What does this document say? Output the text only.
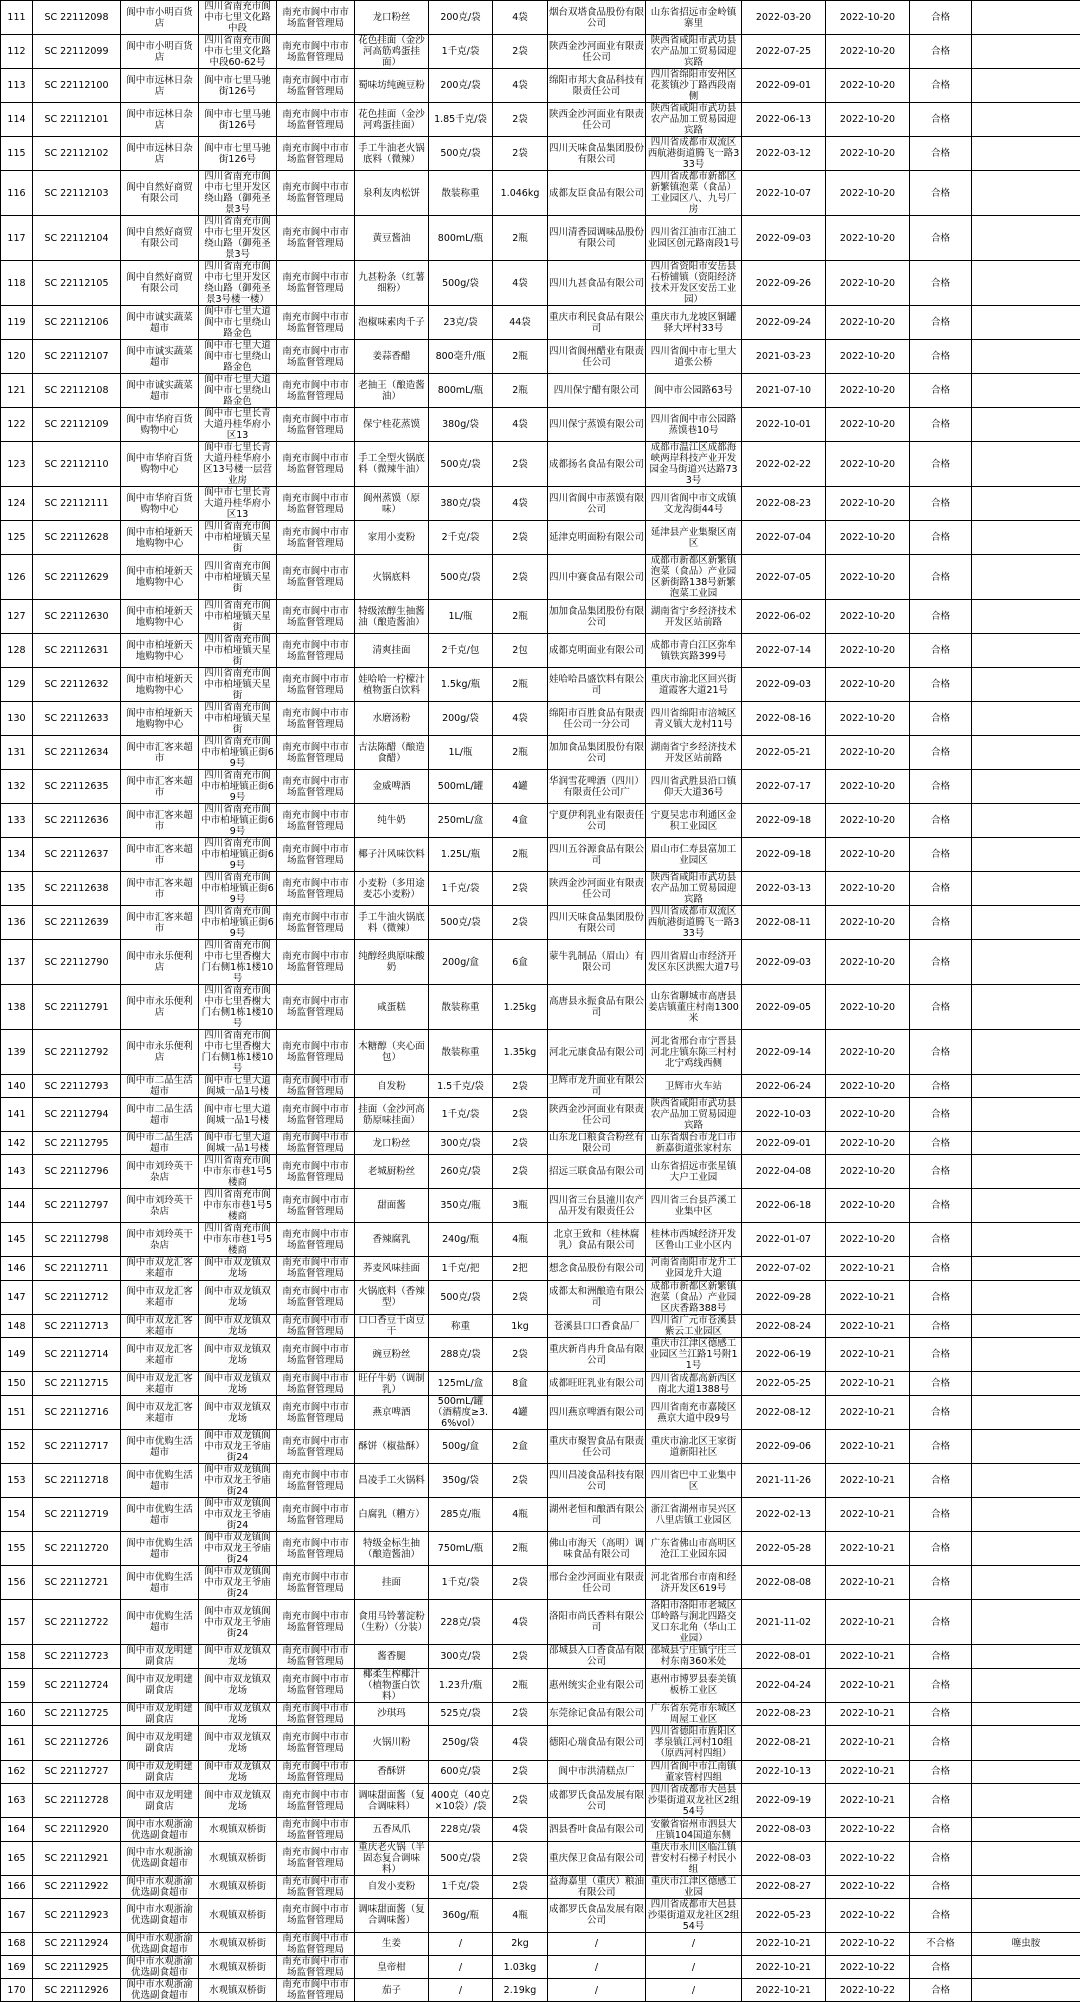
111	SC 22112098	阆中市小明百货店	四川省南充市阆中市七里文化路中段	南充市阆中市市场监督管理局	龙口粉丝	200克/袋	4袋	烟台双塔食品股份有限公司	山东省招远市金岭镇寨里	2022-03-20	2022-10-20	合格	
112	SC 22112099	阆中市小明百货店	四川省南充市阆中市七里文化路中段60-62号	南充市阆中市市场监督管理局	花色挂面（金沙河高筋鸡蛋挂面）	1千克/袋	2袋	陕西金沙河面业有限责任公司	陕西省咸阳市武功县农产品加工贸易园迎宾路	2022-07-25	2022-10-20	合格	
113	SC 22112100	阆中市远林日杂店	阆中市七里马驰街126号	南充市阆中市市场监督管理局	蜀味坊纯豌豆粉	200克/袋	4袋	绵阳市邦大食品科技有限责任公司	四川省绵阳市安州区花荄镇沙丁路西段南侧	2022-09-01	2022-10-20	合格	
114	SC 22112101	阆中市远林日杂店	阆中市七里马驰街126号	南充市阆中市市场监督管理局	花色挂面（金沙河鸡蛋挂面）	1.85千克/袋	2袋	陕西金沙河面业有限责任公司	陕西省咸阳市武功县农产品加工贸易园迎宾路	2022-06-13	2022-10-20	合格	
115	SC 22112102	阆中市远林日杂店	阆中市七里马驰街126号	南充市阆中市市场监督管理局	手工牛油老火锅底料（微辣）	500克/袋	2袋	四川天味食品集团股份有限公司	四川省成都市双流区西航港街道腾飞一路333号	2022-03-12	2022-10-20	合格	
116	SC 22112103	阆中自然好商贸有限公司	四川省南充市阆中市七里开发区绕山路（御苑圣景3号	南充市阆中市市场监督管理局	泉利友肉松饼	散装称重	1.046kg	成都友臣食品有限公司	四川省成都市新都区新繁镇泡菜（食品）工业园区八、九号厂房	2022-10-07	2022-10-20	合格	
117	SC 22112104	阆中自然好商贸有限公司	四川省南充市阆中市七里开发区绕山路（御苑圣景3号	南充市阆中市市场监督管理局	黄豆酱油	800mL/瓶	2瓶	四川清香园调味品股份有限公司	四川省江油市江油工业园区创元路南段1号	2022-09-03	2022-10-20	合格	
118	SC 22112105	阆中自然好商贸有限公司	四川省南充市阆中市七里开发区绕山路（御苑圣景3号楼一楼）	南充市阆中市市场监督管理局	九甚粉条（红薯细粉）	500g/袋	4袋	四川九甚食品有限公司	四川省资阳市安岳县石桥铺镇（资阳经济技术开发区安岳工业园）	2022-09-26	2022-10-20	合格	
119	SC 22112106	阆中市诚实蔬菜超市	阆中市七里大道阆中市七里绕山路金色	南充市阆中市市场监督管理局	泡椒味素肉千子	23克/袋	44袋	重庆市利民食品有限公司	重庆市九龙坡区铜罐驿大坪村33号	2022-09-24	2022-10-20	合格	
120	SC 22112107	阆中市诚实蔬菜超市	阆中市七里大道阆中市七里绕山路金色	南充市阆中市市场监督管理局	姜蒜香醋	800毫升/瓶	2瓶	四川省阆州醋业有限责任公司	四川省阆中市七里大道张公桥	2021-03-23	2022-10-20	合格	
121	SC 22112108	阆中市诚实蔬菜超市	阆中市七里大道阆中市七里绕山路金色	南充市阆中市市场监督管理局	老抽王（酿造酱油）	800mL/瓶	2瓶	四川保宁醋有限公司	阆中市公园路63号	2021-07-10	2022-10-20	合格	
122	SC 22112109	阆中市华府百货购物中心	阆中市七里长青大道丹桂华府小区13	南充市阆中市市场监督管理局	保宁桂花蒸馍	380g/袋	4袋	四川保宁蒸馍有限公司	四川省阆中市公园路蒸馍巷10号	2022-10-01	2022-10-20	合格	
123	SC 22112110	阆中市华府百货购物中心	阆中市七里长青大道丹桂华府小区13号楼一层营业房	南充市阆中市市场监督管理局	手工全型火锅底料（微辣牛油）	500克/袋	2袋	成都扬名食品有限公司	成都市温江区成都海峡两岸科技产业开发园金马街道兴达路733号	2022-02-22	2022-10-20	合格	
124	SC 22112111	阆中市华府百货购物中心	阆中市七里长青大道丹桂华府小区13	南充市阆中市市场监督管理局	阆州蒸馍（原味）	380克/袋	4袋	四川省阆中市蒸馍有限公司	四川省阆中市文成镇文龙沟街44号	2022-08-23	2022-10-20	合格	
125	SC 22112628	阆中市柏垭新天地购物中心	四川省南充市阆中市柏垭镇天星街	南充市阆中市市场监督管理局	家用小麦粉	2千克/袋	2袋	延津克明面粉有限公司	延津县产业集聚区南区	2022-07-04	2022-10-20	合格	
126	SC 22112629	阆中市柏垭新天地购物中心	四川省南充市阆中市柏垭镇天星街	南充市阆中市市场监督管理局	火锅底料	500克/袋	2袋	四川中赛食品有限公司	成都市新都区新繁镇泡菜（食品）产业园区新街路138号新繁泡菜工业园	2022-07-05	2022-10-20	合格	
127	SC 22112630	阆中市柏垭新天地购物中心	四川省南充市阆中市柏垭镇天星街	南充市阆中市市场监督管理局	特级浓醇生抽酱油（酿造酱油）	1L/瓶	2瓶	加加食品集团股份有限公司	湖南省宁乡经济技术开发区站前路	2022-06-02	2022-10-20	合格	
128	SC 22112631	阆中市柏垭新天地购物中心	四川省南充市阆中市柏垭镇天星街	南充市阆中市市场监督管理局	清爽挂面	2千克/包	2包	成都克明面业有限公司	成都市青白江区弥牟镇铁宾路399号	2022-07-14	2022-10-20	合格	
129	SC 22112632	阆中市柏垭新天地购物中心	四川省南充市阆中市柏垭镇天星街	南充市阆中市市场监督管理局	娃哈哈一柠檬汁植物蛋白饮料	1.5kg/瓶	2瓶	娃哈哈昌盛饮料有限公司	重庆市渝北区回兴街道霞客大道21号	2022-09-03	2022-10-20	合格	
130	SC 22112633	阆中市柏垭新天地购物中心	四川省南充市阆中市柏垭镇天星街	南充市阆中市市场监督管理局	水磨汤粉	200g/袋	4袋	绵阳市百胜食品有限责任公司一分公司	四川省绵阳市涪城区青义镇大龙村11号	2022-08-16	2022-10-20	合格	
131	SC 22112634	阆中市汇客来超市	四川省南充市阆中市柏垭镇正街69号	南充市阆中市市场监督管理局	古法陈醋（酿造食醋）	1L/瓶	2瓶	加加食品集团股份有限公司	湖南省宁乡经济技术开发区站前路	2022-05-21	2022-10-20	合格	
132	SC 22112635	阆中市汇客来超市	四川省南充市阆中市柏垭镇正街69号	南充市阆中市市场监督管理局	金威啤酒	500mL/罐	4罐	华润雪花啤酒（四川）有限责任公司广	四川省武胜县沿口镇仰天大道36号	2022-07-17	2022-10-20	合格	
133	SC 22112636	阆中市汇客来超市	四川省南充市阆中市柏垭镇正街69号	南充市阆中市市场监督管理局	纯牛奶	250mL/盒	4盒	宁夏伊利乳业有限责任公司	宁夏吴忠市利通区金积工业园区	2022-09-18	2022-10-20	合格	
134	SC 22112637	阆中市汇客来超市	四川省南充市阆中市柏垭镇正街69号	南充市阆中市市场监督管理局	椰子汁风味饮料	1.25L/瓶	2瓶	四川五谷源食品有限公司	眉山市仁寿县富加工业园区	2022-09-18	2022-10-20	合格	
135	SC 22112638	阆中市汇客来超市	四川省南充市阆中市柏垭镇正街69号	南充市阆中市市场监督管理局	小麦粉（多用途麦芯小麦粉）	1千克/袋	2袋	陕西金沙河面业有限责任公司	陕西省咸阳市武功县农产品加工贸易园迎宾路	2022-03-13	2022-10-20	合格	
136	SC 22112639	阆中市汇客来超市	四川省南充市阆中市柏垭镇正街69号	南充市阆中市市场监督管理局	手工牛油火锅底料（微辣）	500克/袋	2袋	四川天味食品集团股份有限公司	四川省成都市双流区西航港街道腾飞一路333号	2022-08-11	2022-10-20	合格	
137	SC 22112790	阆中市永乐便利店	四川省南充市阆中市七里香榭大门右侧1栋1楼10号	南充市阆中市市场监督管理局	纯醇经典原味酸奶	200g/盒	6盒	蒙牛乳制品（眉山）有限公司	四川省眉山市经济开发区东区洪熙大道7号	2022-09-03	2022-10-20	合格	
138	SC 22112791	阆中市永乐便利店	四川省南充市阆中市七里香榭大门右侧1栋1楼10号	南充市阆中市市场监督管理局	咸蛋糕	散装称重	1.25kg	高唐县永振食品有限公司	山东省聊城市高唐县姜店镇董庄村南1300米	2022-09-05	2022-10-20	合格	
139	SC 22112792	阆中市永乐便利店	四川省南充市阆中市七里香榭大门右侧1栋1楼10号	南充市阆中市市场监督管理局	木糖醇（夹心面包）	散装称重	1.35kg	河北元康食品有限公司	河北省邢台市宁晋县河北庄镇东陈三村村北宁鸡线西侧	2022-09-14	2022-10-20	合格	
140	SC 22112793	阆中市二品生活超市	阆中市七里大道阆城一品1号楼	南充市阆中市市场监督管理局	自发粉	1.5千克/袋	2袋	卫辉市龙升面业有限公司	卫辉市火车站	2022-06-24	2022-10-20	合格	
141	SC 22112794	阆中市二品生活超市	阆中市七里大道阆城一品1号楼	南充市阆中市市场监督管理局	挂面（金沙河高筋原味挂面）	1千克/袋	2袋	陕西金沙河面业有限责任公司	陕西省咸阳市武功县农产品加工贸易园迎宾路	2022-10-03	2022-10-20	合格	
142	SC 22112795	阆中市二品生活超市	阆中市七里大道阆城一品1号楼	南充市阆中市市场监督管理局	龙口粉丝	300克/袋	2袋	山东龙口粮食合粉丝有限公司	山东省烟台市龙口市新嘉街道张家村东	2022-09-01	2022-10-20	合格	
143	SC 22112796	阆中市刘玲英干杂店	四川省南充市阆中市东市巷1号5楼商	南充市阆中市市场监督管理局	老城厨粉丝	260克/袋	2袋	招远三联食品有限公司	山东省招远市张星镇大户工业园	2022-04-08	2022-10-20	合格	
144	SC 22112797	阆中市刘玲英干杂店	四川省南充市阆中市东市巷1号5楼商	南充市阆中市市场监督管理局	甜面酱	350克/瓶	3瓶	四川省三台县潼川农产品开发有限责任公	四川省三台县芦溪工业集中区	2022-06-18	2022-10-20	合格	
145	SC 22112798	阆中市刘玲英干杂店	四川省南充市阆中市东市巷1号5楼商	南充市阆中市市场监督管理局	香辣腐乳	240g/瓶	4瓶	北京王致和（桂林腐乳）食品有限公司	桂林市西城经济开发区鲁山工业小区内	2022-01-07	2022-10-20	合格	
146	SC 22112711	阆中市双龙汇客来超市	阆中市双龙镇双龙场	南充市阆中市市场监督管理局	荞麦风味挂面	1千克/把	2把	想念食品股份有限公司	河南省南阳市龙升工业园龙升大道	2022-07-02	2022-10-21	合格	
147	SC 22112712	阆中市双龙汇客来超市	阆中市双龙镇双龙场	南充市阆中市市场监督管理局	火锅底料（香辣型）	500克/袋	2袋	成都太和洲酿造有限公司	成都市新都区新繁镇泡菜（食品）产业园区庆香路388号	2022-09-28	2022-10-21	合格	
148	SC 22112713	阆中市双龙汇客来超市	阆中市双龙镇双龙场	南充市阆中市市场监督管理局	口口香豆干卤豆干	称重	1kg	苍溪县口口香食品厂	四川省广元市苍溪县紫云工业园区	2022-08-24	2022-10-21	合格	
149	SC 22112714	阆中市双龙汇客来超市	阆中市双龙镇双龙场	南充市阆中市市场监督管理局	豌豆粉丝	288克/袋	2袋	重庆新肖冉升食品有限公司	重庆市江津区德感工业园区兰江路1号附11号	2022-06-19	2022-10-21	合格	
150	SC 22112715	阆中市双龙汇客来超市	阆中市双龙镇双龙场	南充市阆中市市场监督管理局	旺仔牛奶（调制乳）	125mL/盒	8盒	成都旺旺乳业有限公司	四川省成都高新西区南北大道1388号	2022-05-25	2022-10-21	合格	
151	SC 22112716	阆中市双龙汇客来超市	阆中市双龙镇双龙场	南充市阆中市市场监督管理局	燕京啤酒	500mL/罐（酒精度≥3.6%vol）	4罐	四川燕京啤酒有限公司	四川省南充市嘉陵区燕京大道中段9号	2022-08-12	2022-10-21	合格	
152	SC 22112717	阆中市优购生活超市	阆中市双龙镇阆中市双龙王爷庙街24	南充市阆中市市场监督管理局	酥饼（椒盐酥）	500g/盒	2盒	重庆市聚智食品有限责任公司	重庆市渝北区王家街道新阳社区	2022-09-06	2022-10-21	合格	
153	SC 22112718	阆中市优购生活超市	阆中市双龙镇阆中市双龙王爷庙街24	南充市阆中市市场监督管理局	昌凌手工火锅料	350g/袋	2袋	四川昌凌食品科技有限公司	四川省巴中工业集中区	2021-11-26	2022-10-21	合格	
154	SC 22112719	阆中市优购生活超市	阆中市双龙镇阆中市双龙王爷庙街24	南充市阆中市市场监督管理局	白腐乳（糟方）	285克/瓶	4瓶	湖州老恒和酿酒有限公司	浙江省湖州市吴兴区八里店镇工业园区	2022-02-13	2022-10-21	合格	
155	SC 22112720	阆中市优购生活超市	阆中市双龙镇阆中市双龙王爷庙街24	南充市阆中市市场监督管理局	特级金标生抽（酿造酱油）	750mL/瓶	2瓶	佛山市海天（高明）调味食品有限公司	广东省佛山市高明区沧江工业园东园	2022-05-28	2022-10-21	合格	
156	SC 22112721	阆中市优购生活超市	阆中市双龙镇阆中市双龙王爷庙街24	南充市阆中市市场监督管理局	挂面	1千克/袋	2袋	邢台金沙河面业有限责任公司	河北省邢台市南和经济开发区619号	2022-08-08	2022-10-21	合格	
157	SC 22112722	阆中市优购生活超市	阆中市双龙镇阆中市双龙王爷庙街24	南充市阆中市市场监督管理局	食用马铃薯淀粉（生粉）（分装）	228克/袋	4袋	洛阳市尚氏香料有限公司	洛阳市洛阳市老城区邙岭路与涧北四路交叉口东北角（华山工业园）	2021-11-02	2022-10-21	合格	
158	SC 22112723	阆中市双龙明建副食店	阆中市双龙镇双龙场	南充市阆中市市场监督管理局	酱香腿	300克/袋	2袋	邵城县入口香食品有限公司	邵城县宁庄镇宁庄三村东南360米处	2022-08-01	2022-10-21	合格	
159	SC 22112724	阆中市双龙明建副食店	阆中市双龙镇双龙场	南充市阆中市市场监督管理局	椰柔生榨椰汁（植物蛋白饮料）	1.23升/瓶	2瓶	惠州统实企业有限公司	惠州市博罗县泰美镇板桥工业区	2022-04-24	2022-10-21	合格	
160	SC 22112725	阆中市双龙明建副食店	阆中市双龙镇双龙场	南充市阆中市市场监督管理局	沙琪玛	525克/袋	2袋	东莞徐记食品有限公司	广东省东莞市东城区周屋工业区	2022-08-23	2022-10-21	合格	
161	SC 22112726	阆中市双龙明建副食店	阆中市双龙镇双龙场	南充市阆中市市场监督管理局	火锅川粉	250g/袋	4袋	德阳心瑞食品有限公司	四川省德阳市旌阳区孝泉镇江河村10组（原西河村四组）	2022-08-21	2022-10-21	合格	
162	SC 22112727	阆中市双龙明建副食店	阆中市双龙镇双龙场	南充市阆中市市场监督管理局	香酥饼	600克/袋	2袋	阆中市洪清糕点厂	四川省阆中市江南镇董家管村四组	2022-10-13	2022-10-21	合格	
163	SC 22112728	阆中市双龙明建副食店	阆中市双龙镇双龙场	南充市阆中市市场监督管理局	调味甜面酱（复合调味料）	400克（40克×10袋）/袋	2袋	成都罗氏食品发展有限公司	四川省成都市大邑县沙渠街道双龙社区2组54号	2022-09-19	2022-10-21	合格	
164	SC 22112920	阆中市水观浙渝优选副食超市	水观镇双桥街	南充市阆中市市场监督管理局	五香凤爪	228克/袋	4袋	泗县香叶食品有限公司	安徽省宿州市泗县大庄镇104国道东侧	2022-08-03	2022-10-22	合格	
165	SC 22112921	阆中市水观浙渝优选副食超市	水观镇双桥街	南充市阆中市市场监督管理局	重庆老火锅（半固态复合调味料）	500克/袋	2袋	重庆保卫食品有限公司	重庆市永川区临江镇普安村石梯子村民小组	2022-08-03	2022-10-22	合格	
166	SC 22112922	阆中市水观浙渝优选副食超市	水观镇双桥街	南充市阆中市市场监督管理局	自发小麦粉	1千克/袋	2袋	益海嘉里（重庆）粮油有限公司	重庆市江津区德感工业园	2022-08-27	2022-10-22	合格	
167	SC 22112923	阆中市水观浙渝优选副食超市	水观镇双桥街	南充市阆中市市场监督管理局	调味甜面酱（复合调味酱）	360g/瓶	4瓶	成都罗氏食品发展有限公司	四川省成都市大邑县沙渠街道双龙社区2组54号	2022-05-23	2022-10-22	合格	
168	SC 22112924	阆中市水观浙渝优选副食超市	水观镇双桥街	南充市阆中市市场监督管理局	生姜	/	2kg	/	/	2022-10-21	2022-10-22	不合格	噻虫胺
169	SC 22112925	阆中市水观浙渝优选副食超市	水观镇双桥街	南充市阆中市市场监督管理局	皇帝柑	/	1.03kg	/	/	2022-10-21	2022-10-22	合格	
170	SC 22112926	阆中市水观浙渝优选副食超市	水观镇双桥街	南充市阆中市市场监督管理局	茄子	/	2.19kg	/	/	2022-10-21	2022-10-22	合格	
